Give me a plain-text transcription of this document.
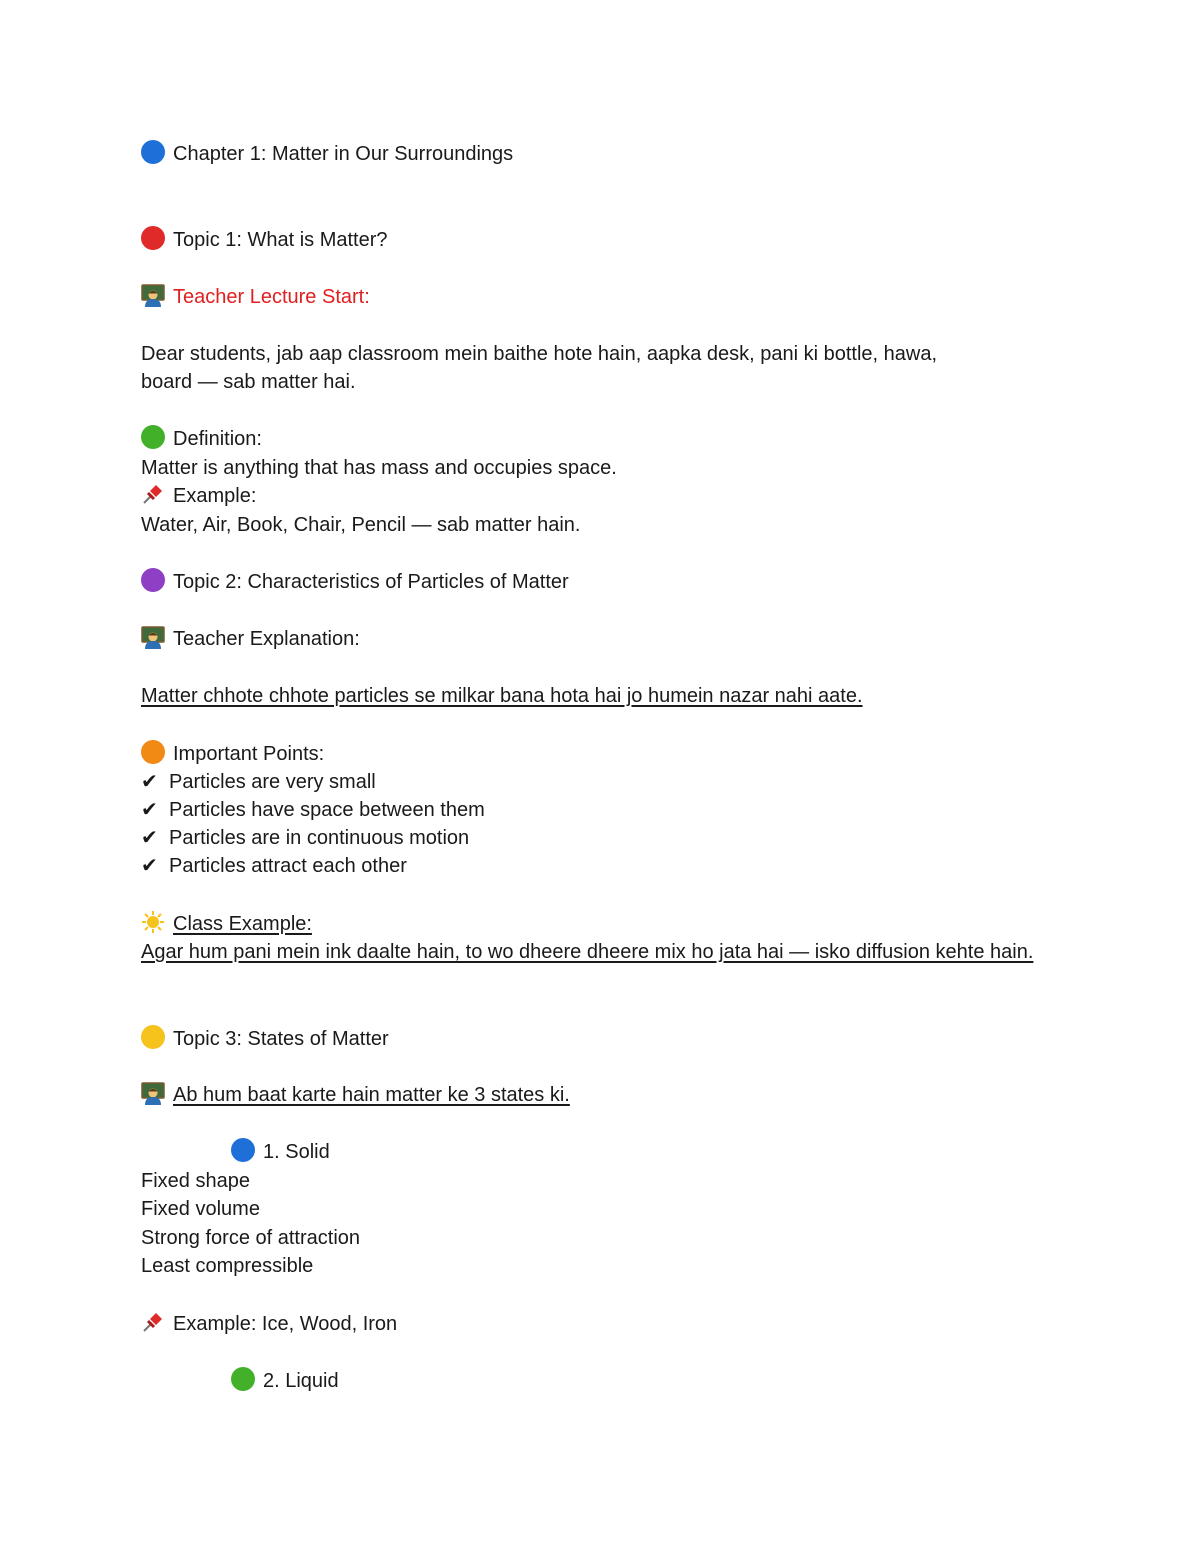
Chapter 1: Matter in Our Surroundings

Topic 1: What is Matter?

Teacher Lecture Start:

Dear students, jab aap classroom mein baithe hote hain, aapka desk, pani ki bottle, hawa,

board — sab matter hai.

Definition:

Matter is anything that has mass and occupies space.

Example:

Water, Air, Book, Chair, Pencil — sab matter hain.

Topic 2: Characteristics of Particles of Matter

Teacher Explanation:

Matter chhote chhote particles se milkar bana hota hai jo humein nazar nahi aate.

Important Points:

✔ Particles are very small

✔ Particles have space between them

✔ Particles are in continuous motion

✔ Particles attract each other

Class Example:

Agar hum pani mein ink daalte hain, to wo dheere dheere mix ho jata hai — isko diffusion kehte hain.

Topic 3: States of Matter

Ab hum baat karte hain matter ke 3 states ki.

1. Solid

Fixed shape

Fixed volume

Strong force of attraction

Least compressible

Example: Ice, Wood, Iron

2. Liquid
